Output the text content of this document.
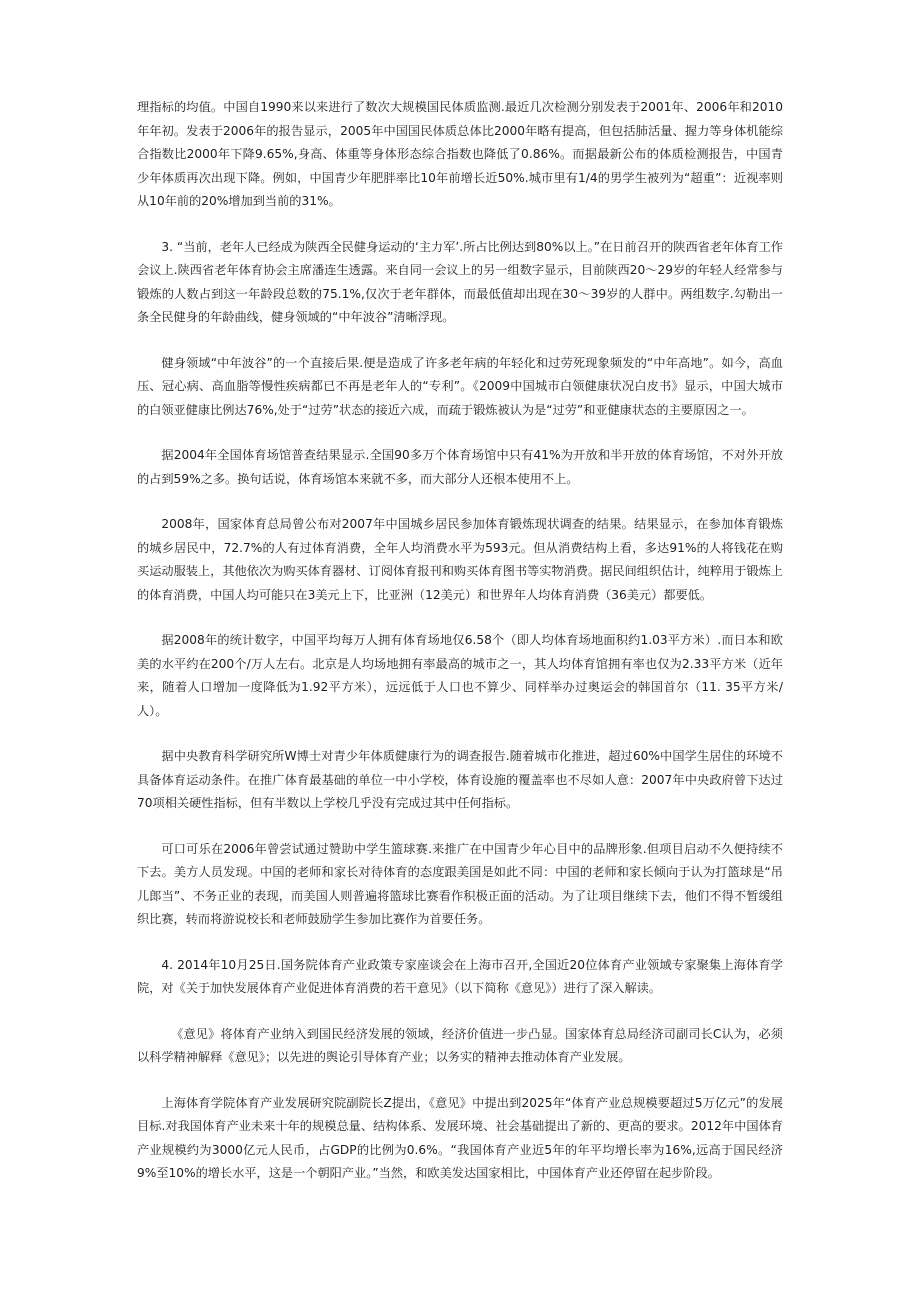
理指标的均值。中国自1990来以来进行了数次大规模国民体质监测.最近几次检测分别发表于2001年、2006年和2010年年初。发表于2006年的报告显示，2005年中国国民体质总体比2000年略有提高，但包括肺活量、握力等身体机能综合指数比2000年下降9.65%,身高、体重等身体形态综合指数也降低了0.86%。而据最新公布的体质检测报告，中国青少年体质再次出现下降。例如，中国青少年肥胖率比10年前增长近50%.城市里有1/4的男学生被列为“超重”：近视率则从10年前的20%增加到当前的31%。

3. “当前，老年人已经成为陕西全民健身运动的‘主力军’.所占比例达到80%以上。”在日前召开的陕西省老年体育工作会议上.陕西省老年体育协会主席潘连生透露。来自同一会议上的另一组数字显示，目前陕西20〜29岁的年轻人经常参与锻炼的人数占到这一年龄段总数的75.1%,仅次于老年群体，而最低值却出现在30〜39岁的人群中。两组数字.勾勒出一条全民健身的年龄曲线，健身领域的“中年波谷”清晰浮现。

健身领域“中年波谷”的一个直接后果.便是造成了许多老年病的年轻化和过劳死现象频发的“中年高地”。如今，高血压、冠心病、高血脂等慢性疾病都已不再是老年人的“专利”。《2009中国城市白领健康状况白皮书》显示，中国大城市的白领亚健康比例达76%,处于“过劳”状态的接近六成，而疏于锻炼被认为是“过劳”和亚健康状态的主要原因之一。

据2004年全国体育场馆普查结果显示.全国90多万个体育场馆中只有41%为开放和半开放的体育场馆，不对外开放的占到59%之多。换句话说，体育场馆本来就不多，而大部分人还根本使用不上。

2008年，国家体育总局曾公布对2007年中国城乡居民参加体育锻炼现状调查的结果。结果显示，在参加体育锻炼的城乡居民中，72.7%的人有过体育消费，全年人均消费水平为593元。但从消费结构上看，多达91%的人将钱花在购买运动服装上，其他依次为购买体育器材、订阅体育报刊和购买体育图书等实物消费。据民间组织估计，纯粹用于锻炼上的体育消费，中国人均可能只在3美元上下，比亚洲（12美元）和世界年人均体育消费（36美元）都要低。

据2008年的统计数字，中国平均每万人拥有体育场地仅6.58个（即人均体育场地面积约1.03平方米）.而日本和欧美的水平约在200个/万人左右。北京是人均场地拥有率最高的城市之一，其人均体育馆拥有率也仅为2.33平方米（近年来，随着人口增加一度降低为1.92平方米），远远低于人口也不算少、同样举办过奥运会的韩国首尔（11. 35平方米/人）。

据中央教育科学研究所W博士对青少年体质健康行为的调查报告.随着城市化推进，超过60%中国学生居住的环境不具备体育运动条件。在推广体育最基础的单位一中小学校，体育设施的覆盖率也不尽如人意：2007年中央政府曾下达过70项相关硬性指标，但有半数以上学校几乎没有完成过其中任何指标。

可口可乐在2006年曾尝试通过赞助中学生篮球赛.来推广在中国青少年心目中的品牌形象.但项目启动不久便持续不下去。美方人员发现。中国的老师和家长对待体育的态度跟美国是如此不同：中国的老师和家长倾向于认为打篮球是“吊儿郎当”、不务正业的表现，而美国人则普遍将篮球比赛看作积极正面的活动。为了让项目继续下去，他们不得不暂缓组织比赛，转而将游说校长和老师鼓励学生参加比赛作为首要任务。

4. 2014年10月25日.国务院体育产业政策专家座谈会在上海市召开,全国近20位体育产业领域专家聚集上海体育学院，对《关于加快发展体育产业促进体育消费的若干意见》（以下简称《意见》）进行了深入解读。

《意见》将体育产业纳入到国民经济发展的领域，经济价值进一步凸显。国家体育总局经济司副司长C认为，必须以科学精神解释《意见》；以先进的舆论引导体育产业；以务实的精神去推动体育产业发展。

上海体育学院体育产业发展研究院副院长Z提出，《意见》中提出到2025年“体育产业总规模要超过5万亿元”的发展目标.对我国体育产业未来十年的规模总量、结构体系、发展环境、社会基础提出了新的、更高的要求。2012年中国体育产业规模约为3000亿元人民币，占GDP的比例为0.6%。“我国体育产业近5年的年平均增长率为16%,远高于国民经济9%至10%的增长水平，这是一个朝阳产业。”当然，和欧美发达国家相比，中国体育产业还停留在起步阶段。
